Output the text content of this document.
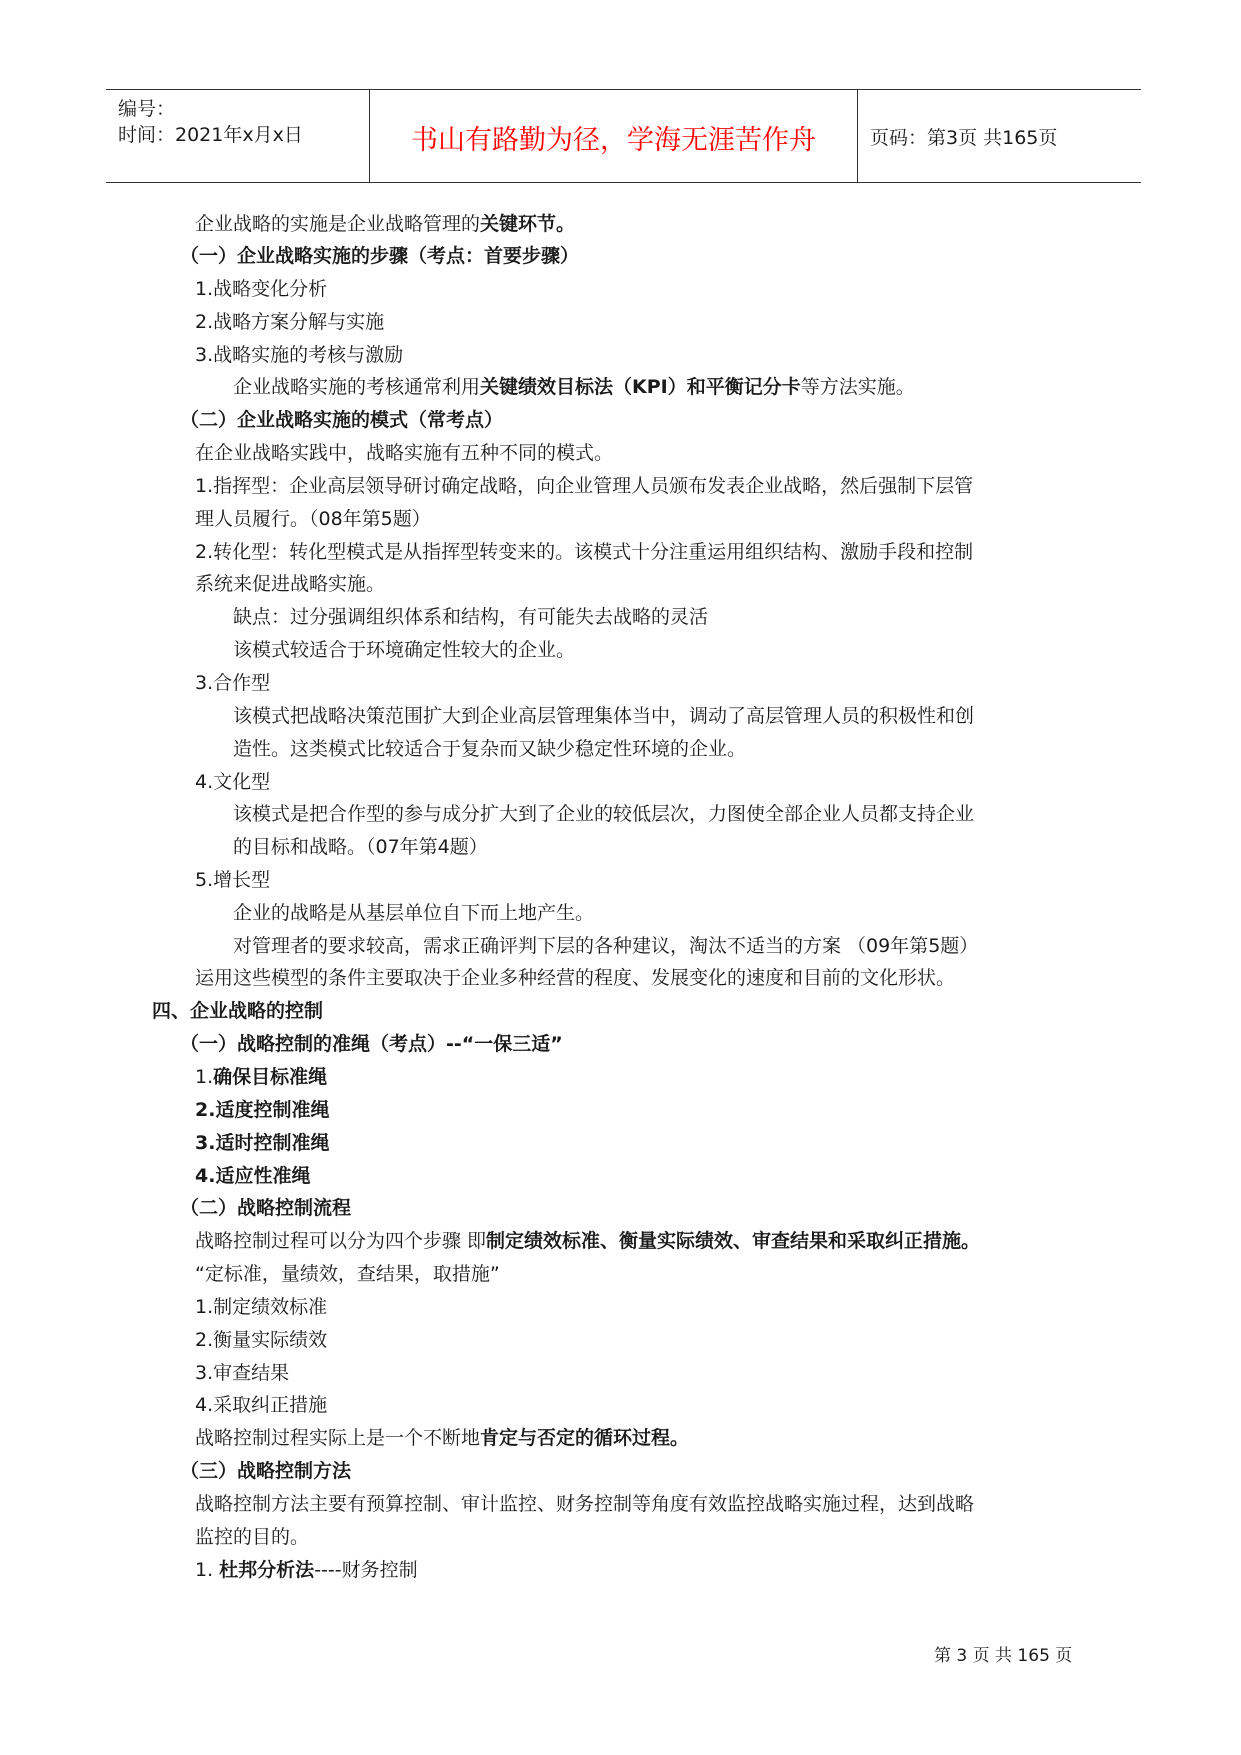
编号：
时间：2021年x月x日	书山有路勤为径，学海无涯苦作舟	页码：第3页 共165页
企业战略的实施是企业战略管理的关键环节。
（一）企业战略实施的步骤（考点：首要步骤）
1.战略变化分析
2.战略方案分解与实施
3.战略实施的考核与激励
企业战略实施的考核通常利用关键绩效目标法（KPI）和平衡记分卡等方法实施。
（二）企业战略实施的模式（常考点）
在企业战略实践中，战略实施有五种不同的模式。
1.指挥型：企业高层领导研讨确定战略，向企业管理人员颁布发表企业战略，然后强制下层管
理人员履行。（08年第5题）
2.转化型：转化型模式是从指挥型转变来的。该模式十分注重运用组织结构、激励手段和控制
系统来促进战略实施。
缺点：过分强调组织体系和结构，有可能失去战略的灵活
该模式较适合于环境确定性较大的企业。
3.合作型
该模式把战略决策范围扩大到企业高层管理集体当中，调动了高层管理人员的积极性和创
造性。这类模式比较适合于复杂而又缺少稳定性环境的企业。
4.文化型
该模式是把合作型的参与成分扩大到了企业的较低层次，力图使全部企业人员都支持企业
的目标和战略。（07年第4题）
5.增长型
企业的战略是从基层单位自下而上地产生。
对管理者的要求较高，需求正确评判下层的各种建议，淘汰不适当的方案 （09年第5题）
运用这些模型的条件主要取决于企业多种经营的程度、发展变化的速度和目前的文化形状。
四、企业战略的控制
（一）战略控制的准绳（考点）--“一保三适”
1.确保目标准绳
2.适度控制准绳
3.适时控制准绳
4.适应性准绳
（二）战略控制流程
战略控制过程可以分为四个步骤 即制定绩效标准、衡量实际绩效、审查结果和采取纠正措施。
“定标准，量绩效，查结果，取措施”
1.制定绩效标准
2.衡量实际绩效
3.审查结果
4.采取纠正措施
战略控制过程实际上是一个不断地肯定与否定的循环过程。
（三）战略控制方法
战略控制方法主要有预算控制、审计监控、财务控制等角度有效监控战略实施过程，达到战略
监控的目的。
1. 杜邦分析法----财务控制
第 3 页 共 165 页
